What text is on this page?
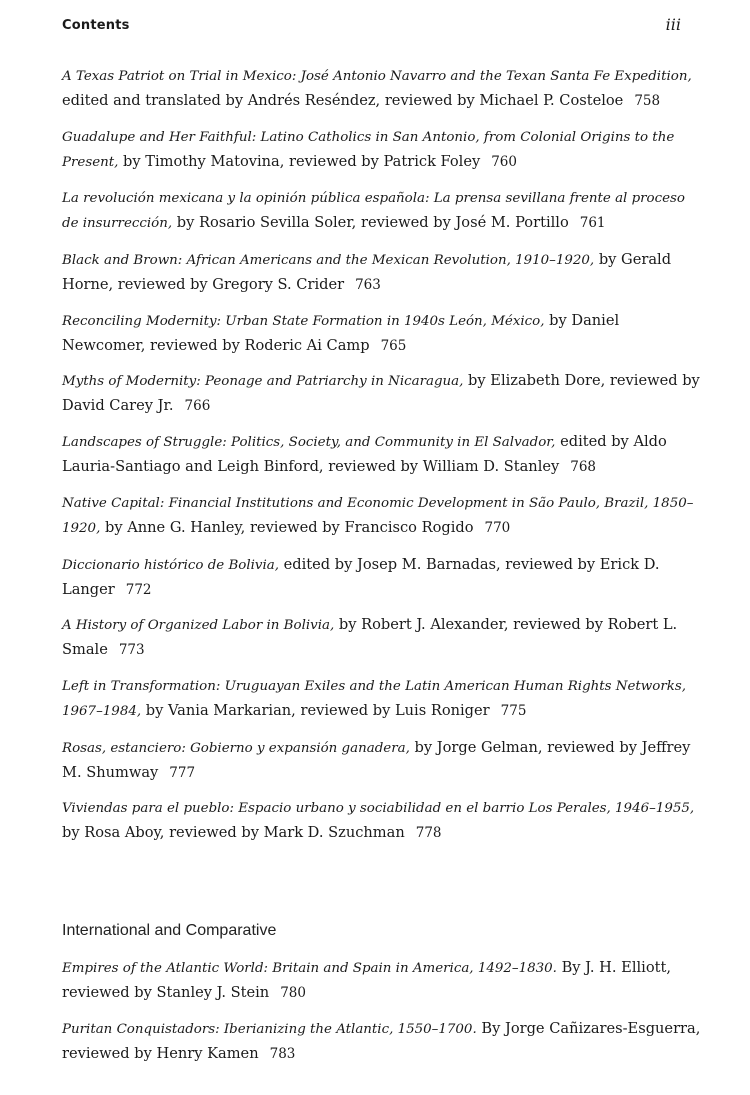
Contents	iii
A Texas Patriot on Trial in Mexico: José Antonio Navarro and the Texan Santa Fe Expedition, edited and translated by Andrés Reséndez, reviewed by Michael P. Costeloe 758
Guadalupe and Her Faithful: Latino Catholics in San Antonio, from Colonial Origins to the Present, by Timothy Matovina, reviewed by Patrick Foley 760
La revolución mexicana y la opinión pública española: La prensa sevillana frente al proceso de insurrección, by Rosario Sevilla Soler, reviewed by José M. Portillo 761
Black and Brown: African Americans and the Mexican Revolution, 1910–1920, by Gerald Horne, reviewed by Gregory S. Crider 763
Reconciling Modernity: Urban State Formation in 1940s León, México, by Daniel Newcomer, reviewed by Roderic Ai Camp 765
Myths of Modernity: Peonage and Patriarchy in Nicaragua, by Elizabeth Dore, reviewed by David Carey Jr. 766
Landscapes of Struggle: Politics, Society, and Community in El Salvador, edited by Aldo Lauria-Santiago and Leigh Binford, reviewed by William D. Stanley 768
Native Capital: Financial Institutions and Economic Development in São Paulo, Brazil, 1850–1920, by Anne G. Hanley, reviewed by Francisco Rogido 770
Diccionario histórico de Bolivia, edited by Josep M. Barnadas, reviewed by Erick D. Langer 772
A History of Organized Labor in Bolivia, by Robert J. Alexander, reviewed by Robert L. Smale 773
Left in Transformation: Uruguayan Exiles and the Latin American Human Rights Networks, 1967–1984, by Vania Markarian, reviewed by Luis Roniger 775
Rosas, estanciero: Gobierno y expansión ganadera, by Jorge Gelman, reviewed by Jeffrey M. Shumway 777
Viviendas para el pueblo: Espacio urbano y sociabilidad en el barrio Los Perales, 1946–1955, by Rosa Aboy, reviewed by Mark D. Szuchman 778
International and Comparative
Empires of the Atlantic World: Britain and Spain in America, 1492–1830. By J. H. Elliott, reviewed by Stanley J. Stein 780
Puritan Conquistadors: Iberianizing the Atlantic, 1550–1700. By Jorge Cañizares-Esguerra, reviewed by Henry Kamen 783
